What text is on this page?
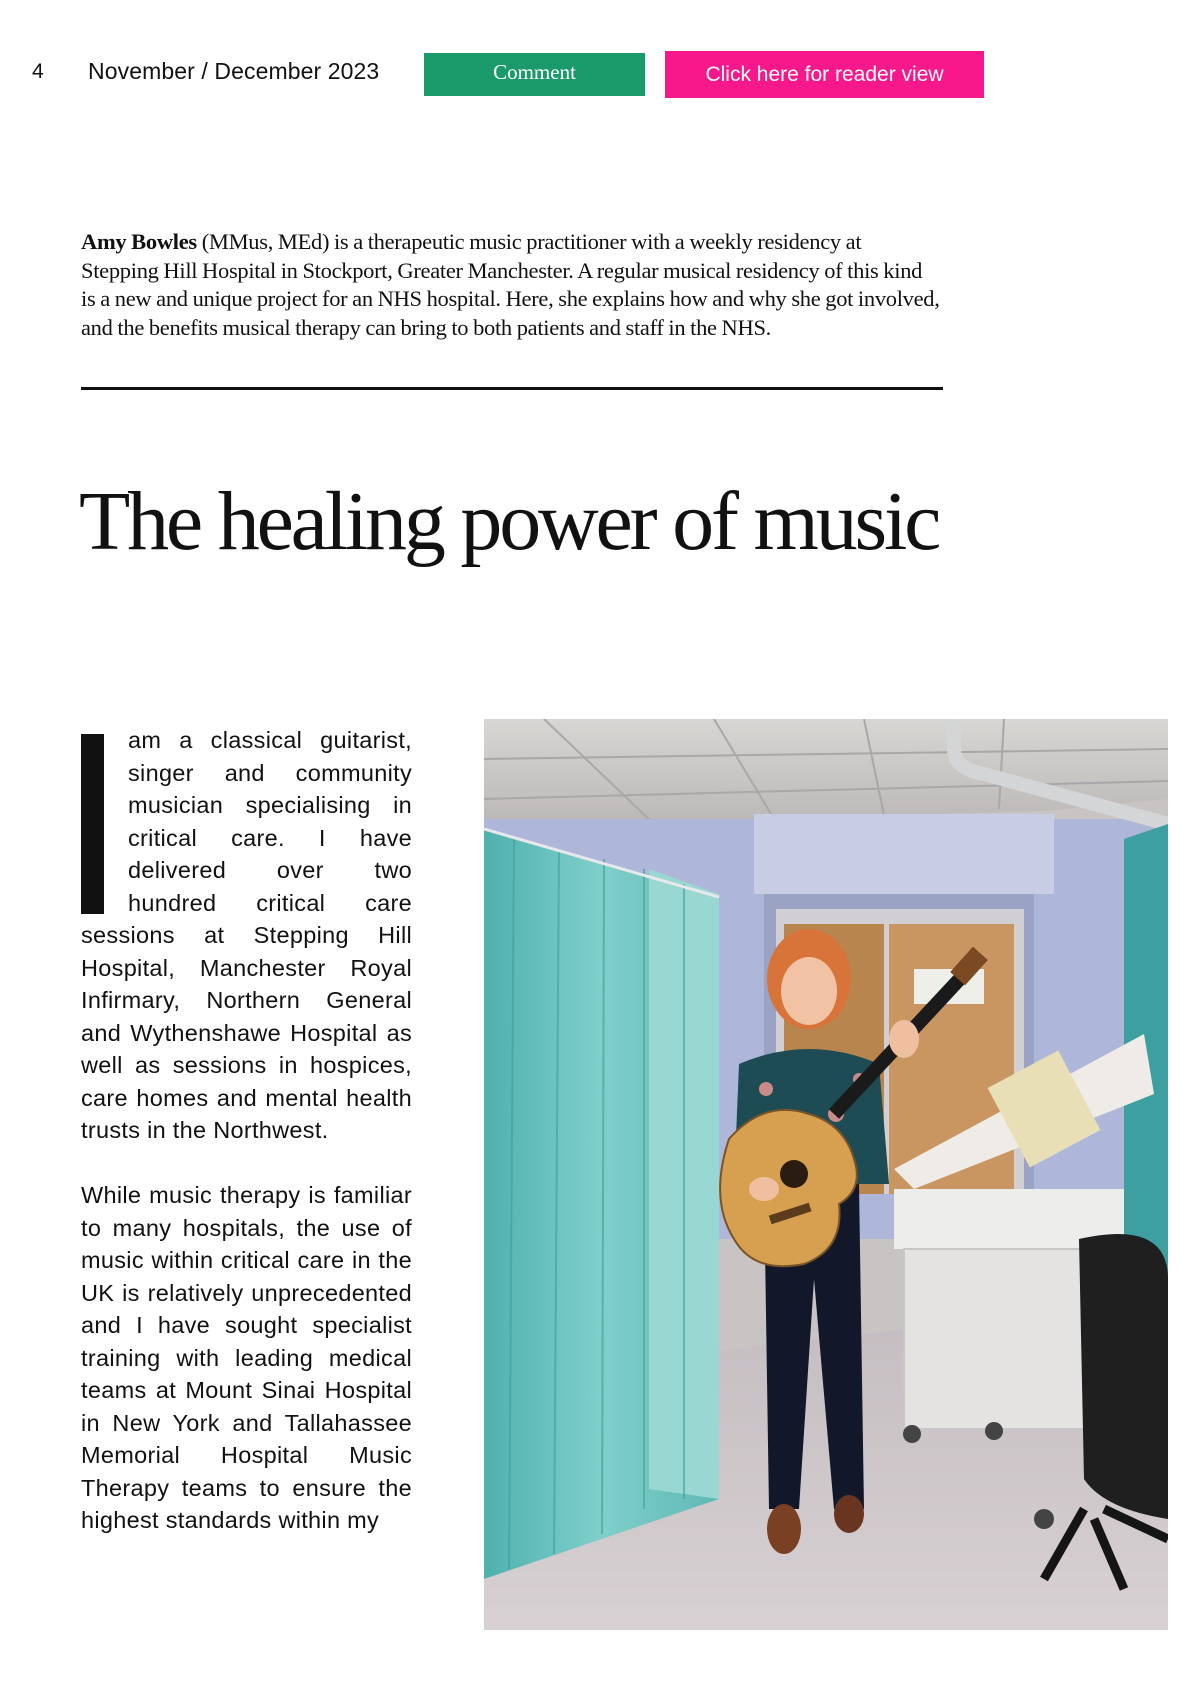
4 November / December 2023	Comment	Click here for reader view
Amy Bowles (MMus, MEd) is a therapeutic music practitioner with a weekly residency at Stepping Hill Hospital in Stockport, Greater Manchester. A regular musical residency of this kind is a new and unique project for an NHS hospital. Here, she explains how and why she got involved, and the benefits musical therapy can bring to both patients and staff in the NHS.
The healing power of music

am a classical guitarist, singer and community musician specialising in critical care. I have delivered over two hundred critical care sessions at Stepping Hill Hospital, Manchester Royal Infirmary, Northern General and Wythenshawe Hospital as well as sessions in hospices, care homes and mental health trusts in the Northwest.

While music therapy is familiar to many hospitals, the use of music within critical care in the UK is relatively unprecedented and I have sought specialist training with leading medical teams at Mount Sinai Hospital in New York and Tallahassee Memorial Hospital Music Therapy teams to ensure the highest standards within my
